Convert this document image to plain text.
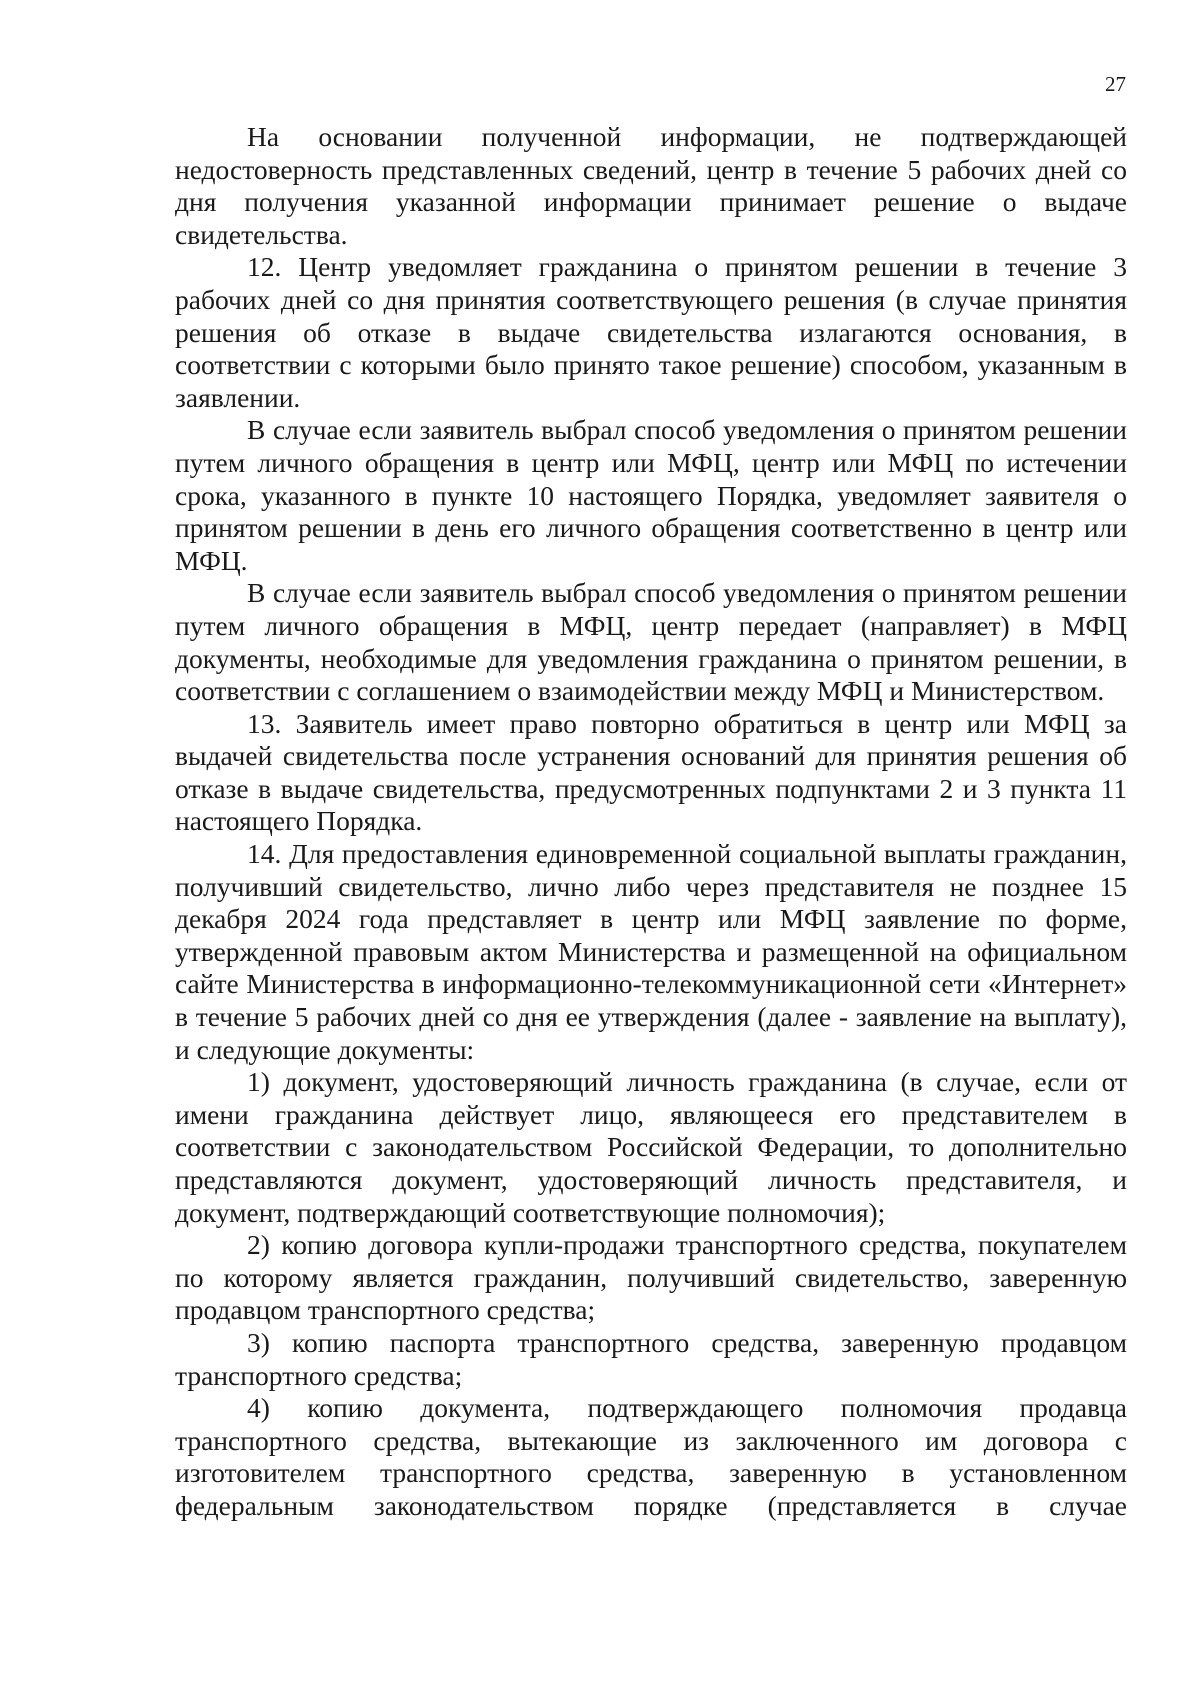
27

На основании полученной информации, не подтверждающей недостоверность представленных сведений, центр в течение 5 рабочих дней со дня получения указанной информации принимает решение о выдаче свидетельства.

12. Центр уведомляет гражданина о принятом решении в течение 3 рабочих дней со дня принятия соответствующего решения (в случае принятия решения об отказе в выдаче свидетельства излагаются основания, в соответствии с которыми было принято такое решение) способом, указанным в заявлении.

В случае если заявитель выбрал способ уведомления о принятом решении путем личного обращения в центр или МФЦ, центр или МФЦ по истечении срока, указанного в пункте 10 настоящего Порядка, уведомляет заявителя о принятом решении в день его личного обращения соответственно в центр или МФЦ.

В случае если заявитель выбрал способ уведомления о принятом решении путем личного обращения в МФЦ, центр передает (направляет) в МФЦ документы, необходимые для уведомления гражданина о принятом решении, в соответствии с соглашением о взаимодействии между МФЦ и Министерством.

13. Заявитель имеет право повторно обратиться в центр или МФЦ за выдачей свидетельства после устранения оснований для принятия решения об отказе в выдаче свидетельства, предусмотренных подпунктами 2 и 3 пункта 11 настоящего Порядка.

14. Для предоставления единовременной социальной выплаты гражданин, получивший свидетельство, лично либо через представителя не позднее 15 декабря 2024 года представляет в центр или МФЦ заявление по форме, утвержденной правовым актом Министерства и размещенной на официальном сайте Министерства в информационно-телекоммуникационной сети «Интернет» в течение 5 рабочих дней со дня ее утверждения (далее - заявление на выплату), и следующие документы:

1) документ, удостоверяющий личность гражданина (в случае, если от имени гражданина действует лицо, являющееся его представителем в соответствии с законодательством Российской Федерации, то дополнительно представляются документ, удостоверяющий личность представителя, и документ, подтверждающий соответствующие полномочия);

2) копию договора купли-продажи транспортного средства, покупателем по которому является гражданин, получивший свидетельство, заверенную продавцом транспортного средства;

3) копию паспорта транспортного средства, заверенную продавцом транспортного средства;

4) копию документа, подтверждающего полномочия продавца транспортного средства, вытекающие из заключенного им договора с изготовителем транспортного средства, заверенную в установленном федеральным законодательством порядке (представляется в случае
